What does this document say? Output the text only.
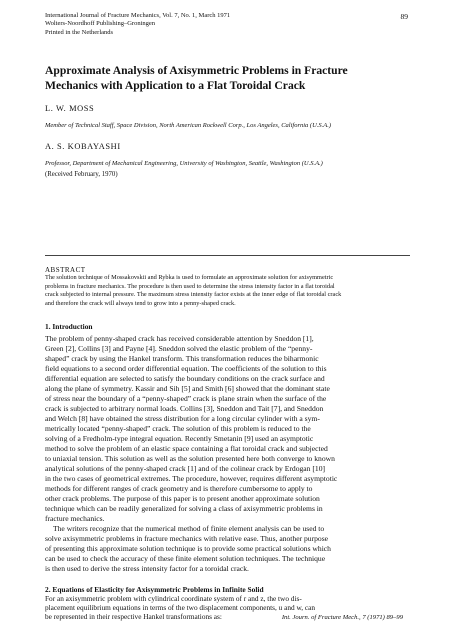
International Journal of Fracture Mechanics, Vol. 7, No. 1, March 1971
Wolters-Noordhoff Publishing–Groningen
Printed in the Netherlands
89
Approximate Analysis of Axisymmetric Problems in Fracture
Mechanics with Application to a Flat Toroidal Crack
L. W. MOSS
Member of Technical Staff, Space Division, North American Rockwell Corp., Los Angeles, California (U.S.A.)
A. S. KOBAYASHI
Professor, Department of Mechanical Engineering, University of Washington, Seattle, Washington (U.S.A.)
(Received February, 1970)
ABSTRACT
The solution technique of Mossakovskii and Rybka is used to formulate an approximate solution for axisymmetric
problems in fracture mechanics. The procedure is then used to determine the stress intensity factor in a flat toroidal
crack subjected to internal pressure. The maximum stress intensity factor exists at the inner edge of flat toroidal crack
and therefore the crack will always tend to grow into a penny-shaped crack.
1. Introduction
The problem of penny-shaped crack has received considerable attention by Sneddon [1],
Green [2], Collins [3] and Payne [4]. Sneddon solved the elastic problem of the “penny-
shaped” crack by using the Hankel transform. This transformation reduces the biharmonic
field equations to a second order differential equation. The coefficients of the solution to this
differential equation are selected to satisfy the boundary conditions on the crack surface and
along the plane of symmetry. Kassir and Sih [5] and Smith [6] showed that the dominant state
of stress near the boundary of a “penny-shaped” crack is plane strain when the surface of the
crack is subjected to arbitrary normal loads. Collins [3], Sneddon and Tait [7], and Sneddon
and Welch [8] have obtained the stress distribution for a long circular cylinder with a sym-
metrically located “penny-shaped” crack. The solution of this problem is reduced to the
solving of a Fredholm-type integral equation. Recently Smetanin [9] used an asymptotic
method to solve the problem of an elastic space containing a flat toroidal crack and subjected
to uniaxial tension. This solution as well as the solution presented here both converge to known
analytical solutions of the penny-shaped crack [1] and of the colinear crack by Erdogan [10]
in the two cases of geometrical extremes. The procedure, however, requires different asymptotic
methods for different ranges of crack geometry and is therefore cumbersome to apply to
other crack problems. The purpose of this paper is to present another approximate solution
technique which can be readily generalized for solving a class of axisymmetric problems in
fracture mechanics.
The writers recognize that the numerical method of finite element analysis can be used to
solve axisymmetric problems in fracture mechanics with relative ease. Thus, another purpose
of presenting this approximate solution technique is to provide some practical solutions which
can be used to check the accuracy of these finite element solution techniques. The technique
is then used to derive the stress intensity factor for a toroidal crack.
2. Equations of Elasticity for Axisymmetric Problems in Infinite Solid
For an axisymmetric problem with cylindrical coordinate system of r and z, the two dis-
placement equilibrium equations in terms of the two displacement components, u and w, can
be represented in their respective Hankel transformations as:	Int. Journ. of Fracture Mech., 7 (1971) 89–99
